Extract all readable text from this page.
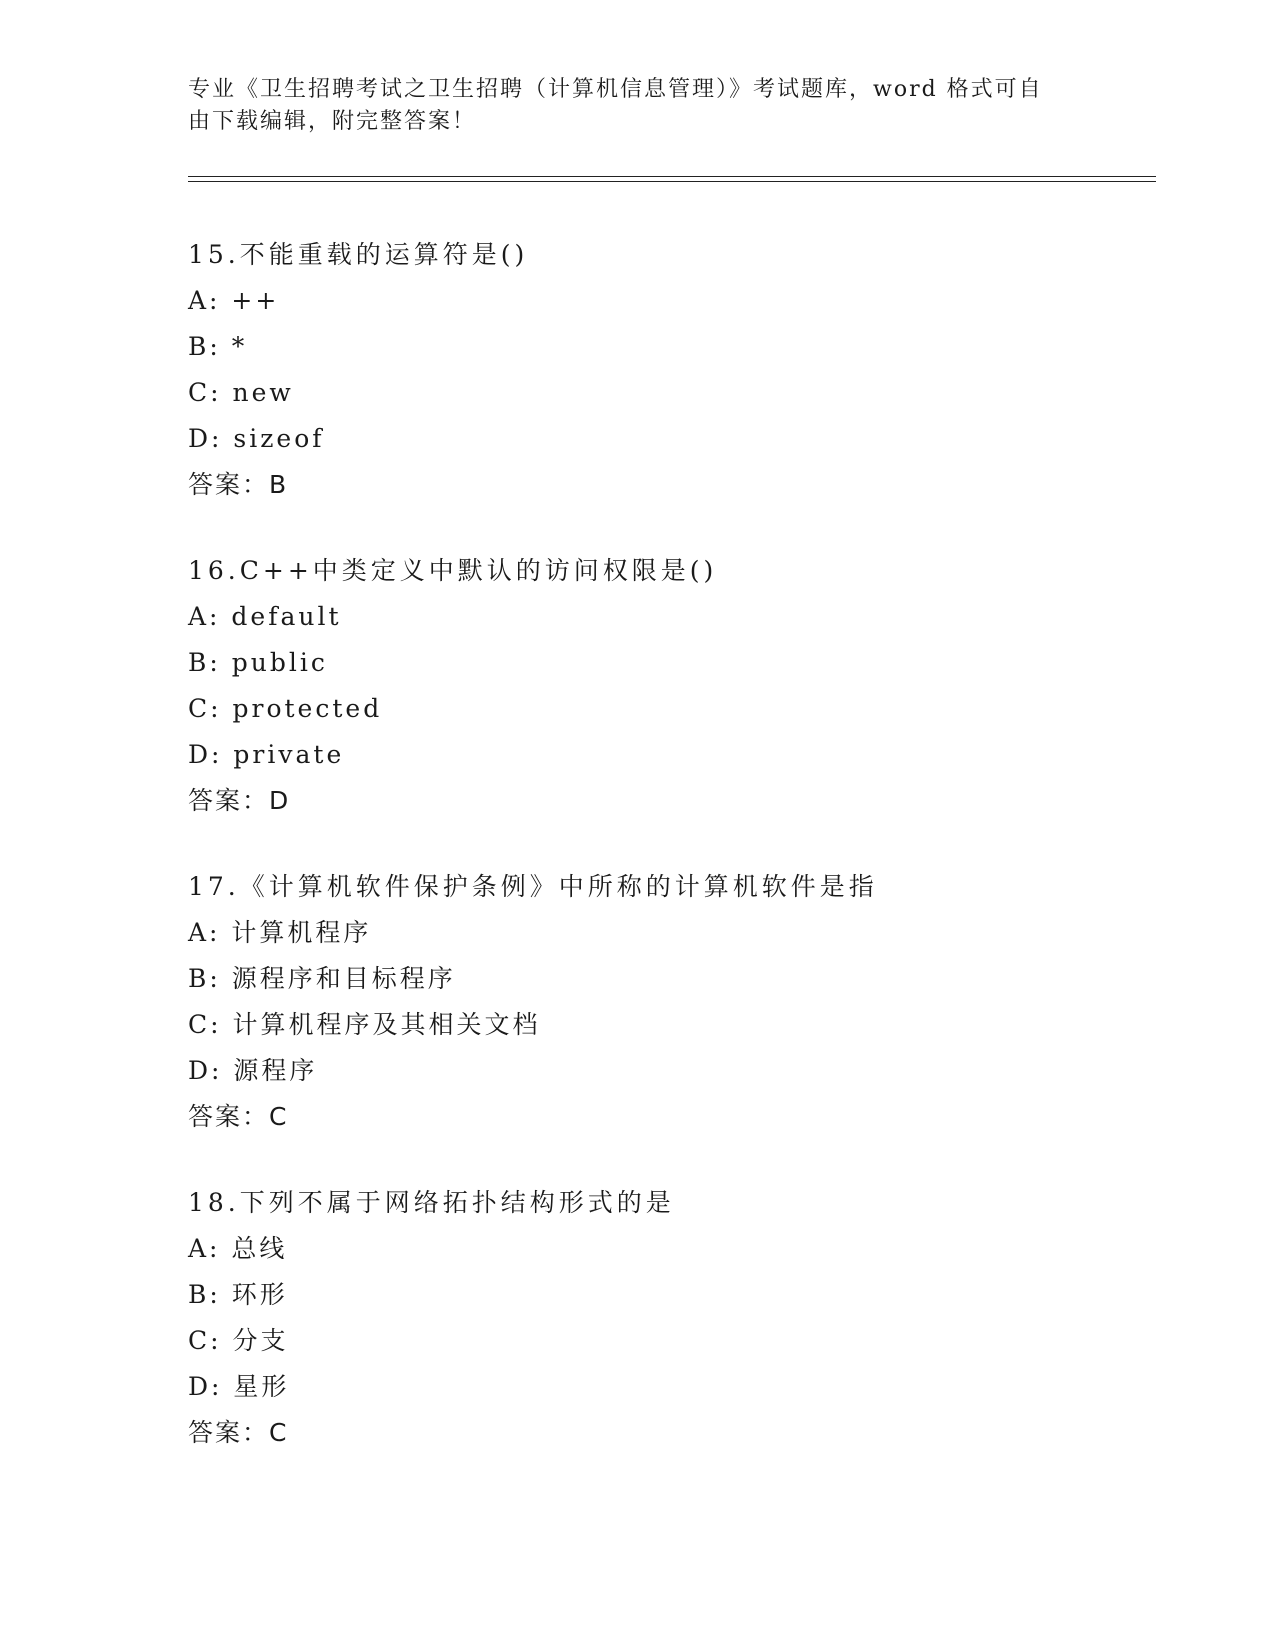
专业《卫生招聘考试之卫生招聘（计算机信息管理）》考试题库，word 格式可自
由下载编辑，附完整答案！
15.不能重载的运算符是()
A: ++
B: *
C: new
D: sizeof
答案：B
16.C++中类定义中默认的访问权限是()
A: default
B: public
C: protected
D: private
答案：D
17.《计算机软件保护条例》中所称的计算机软件是指
A: 计算机程序
B: 源程序和目标程序
C: 计算机程序及其相关文档
D: 源程序
答案：C
18.下列不属于网络拓扑结构形式的是
A: 总线
B: 环形
C: 分支
D: 星形
答案：C
